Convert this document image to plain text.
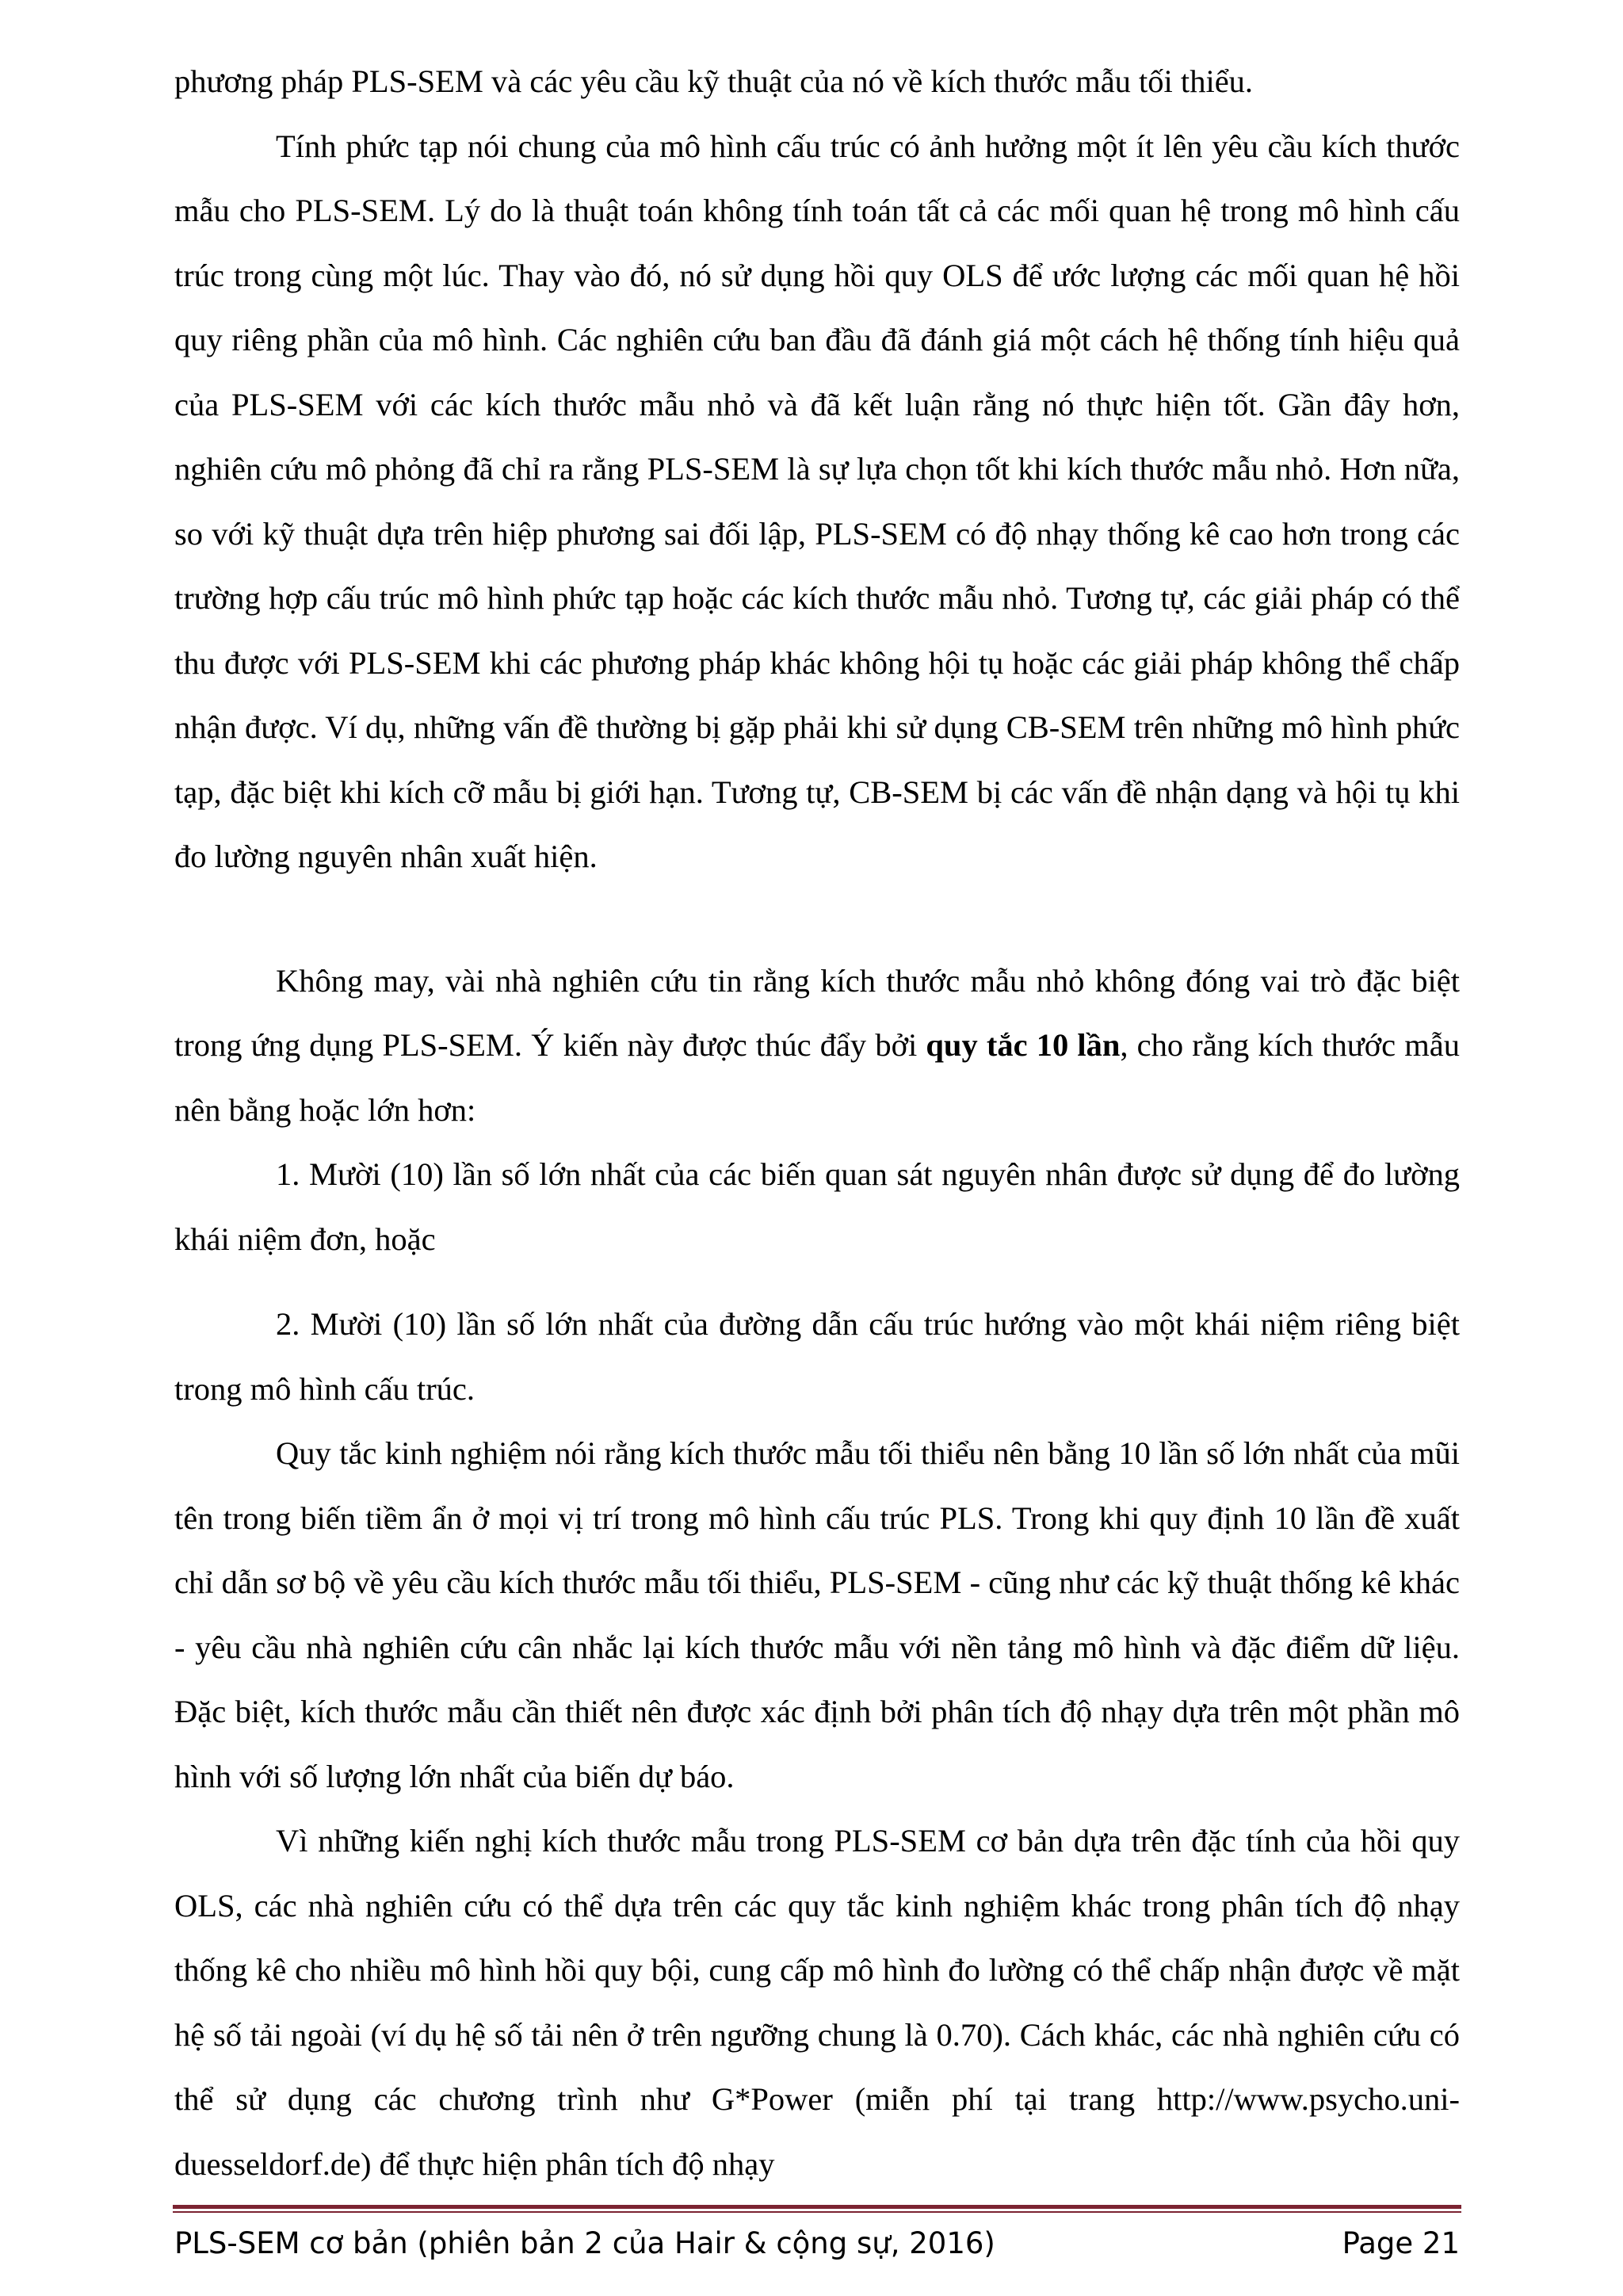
phương pháp PLS-SEM và các yêu cầu kỹ thuật của nó về kích thước mẫu tối thiểu.

Tính phức tạp nói chung của mô hình cấu trúc có ảnh hưởng một ít lên yêu cầu kích thước mẫu cho PLS-SEM. Lý do là thuật toán không tính toán tất cả các mối quan hệ trong mô hình cấu trúc trong cùng một lúc. Thay vào đó, nó sử dụng hồi quy OLS để ước lượng các mối quan hệ hồi quy riêng phần của mô hình. Các nghiên cứu ban đầu đã đánh giá một cách hệ thống tính hiệu quả của PLS-SEM với các kích thước mẫu nhỏ và đã kết luận rằng nó thực hiện tốt. Gần đây hơn, nghiên cứu mô phỏng đã chỉ ra rằng PLS-SEM là sự lựa chọn tốt khi kích thước mẫu nhỏ. Hơn nữa, so với kỹ thuật dựa trên hiệp phương sai đối lập, PLS-SEM có độ nhạy thống kê cao hơn trong các trường hợp cấu trúc mô hình phức tạp hoặc các kích thước mẫu nhỏ. Tương tự, các giải pháp có thể thu được với PLS-SEM khi các phương pháp khác không hội tụ hoặc các giải pháp không thể chấp nhận được. Ví dụ, những vấn đề thường bị gặp phải khi sử dụng CB-SEM trên những mô hình phức tạp, đặc biệt khi kích cỡ mẫu bị giới hạn. Tương tự, CB-SEM bị các vấn đề nhận dạng và hội tụ khi đo lường nguyên nhân xuất hiện.

Không may, vài nhà nghiên cứu tin rằng kích thước mẫu nhỏ không đóng vai trò đặc biệt trong ứng dụng PLS-SEM. Ý kiến này được thúc đẩy bởi quy tắc 10 lần, cho rằng kích thước mẫu nên bằng hoặc lớn hơn:

1. Mười (10) lần số lớn nhất của các biến quan sát nguyên nhân được sử dụng để đo lường khái niệm đơn, hoặc

2. Mười (10) lần số lớn nhất của đường dẫn cấu trúc hướng vào một khái niệm riêng biệt trong mô hình cấu trúc.

Quy tắc kinh nghiệm nói rằng kích thước mẫu tối thiểu nên bằng 10 lần số lớn nhất của mũi tên trong biến tiềm ẩn ở mọi vị trí trong mô hình cấu trúc PLS. Trong khi quy định 10 lần đề xuất chỉ dẫn sơ bộ về yêu cầu kích thước mẫu tối thiểu, PLS-SEM - cũng như các kỹ thuật thống kê khác - yêu cầu nhà nghiên cứu cân nhắc lại kích thước mẫu với nền tảng mô hình và đặc điểm dữ liệu. Đặc biệt, kích thước mẫu cần thiết nên được xác định bởi phân tích độ nhạy dựa trên một phần mô hình với số lượng lớn nhất của biến dự báo.

Vì những kiến nghị kích thước mẫu trong PLS-SEM cơ bản dựa trên đặc tính của hồi quy OLS, các nhà nghiên cứu có thể dựa trên các quy tắc kinh nghiệm khác trong phân tích độ nhạy thống kê cho nhiều mô hình hồi quy bội, cung cấp mô hình đo lường có thể chấp nhận được về mặt hệ số tải ngoài (ví dụ hệ số tải nên ở trên ngưỡng chung là 0.70). Cách khác, các nhà nghiên cứu có thể sử dụng các chương trình như G*Power (miễn phí tại trang http://www.psycho.uni-duesseldorf.de) để thực hiện phân tích độ nhạy

PLS-SEM cơ bản (phiên bản 2 của Hair & cộng sự, 2016)	Page 21
